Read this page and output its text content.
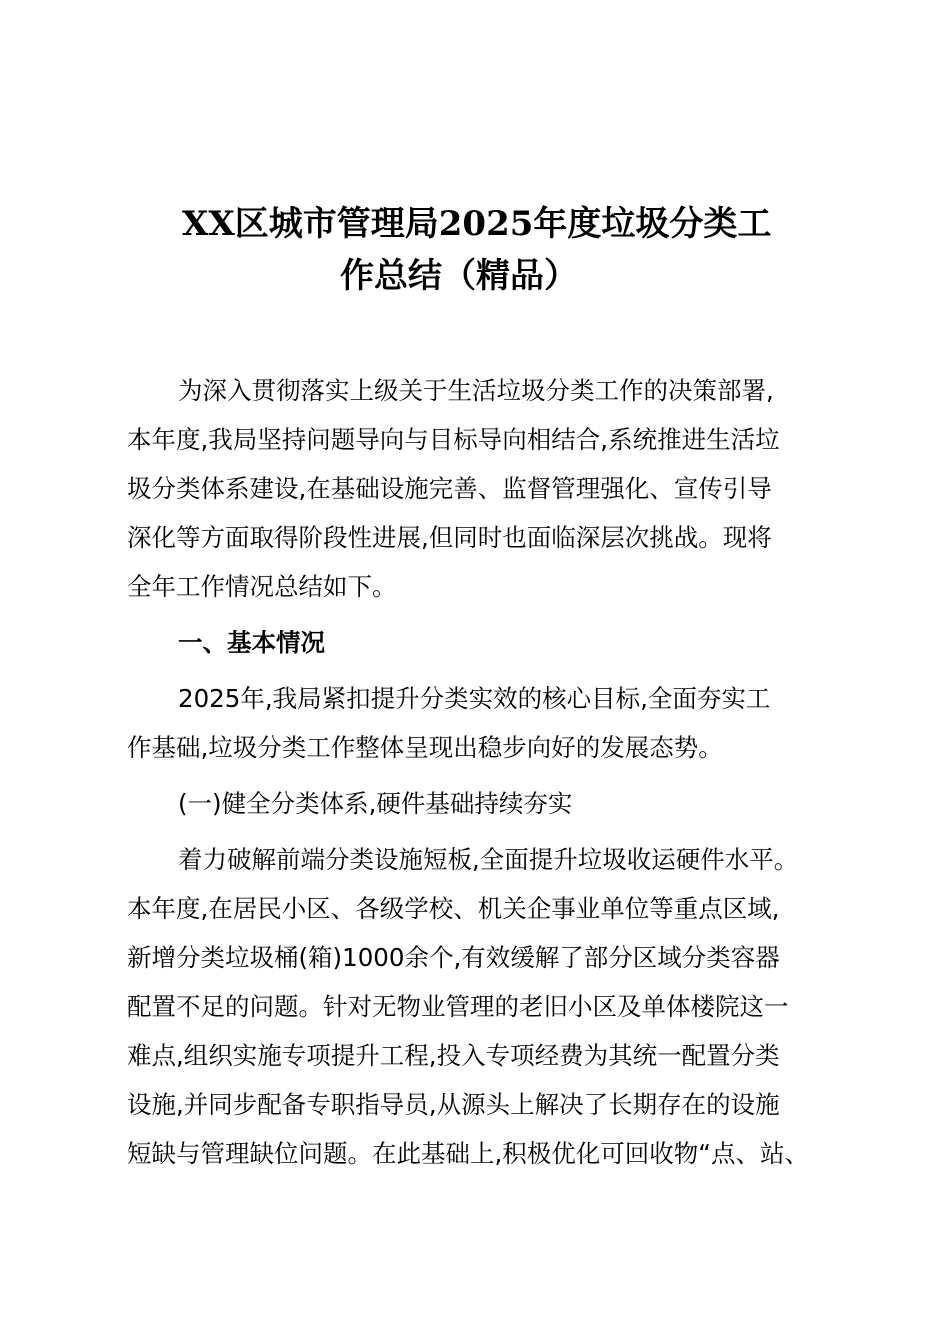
XX区城市管理局2025年度垃圾分类工
作总结（精品）
为深入贯彻落实上级关于生活垃圾分类工作的决策部署,
本年度,我局坚持问题导向与目标导向相结合,系统推进生活垃
圾分类体系建设,在基础设施完善、监督管理强化、宣传引导
深化等方面取得阶段性进展,但同时也面临深层次挑战。现将
全年工作情况总结如下。
一、基本情况
2025年,我局紧扣提升分类实效的核心目标,全面夯实工
作基础,垃圾分类工作整体呈现出稳步向好的发展态势。
(一)健全分类体系,硬件基础持续夯实
着力破解前端分类设施短板,全面提升垃圾收运硬件水平。
本年度,在居民小区、各级学校、机关企事业单位等重点区域,
新增分类垃圾桶(箱)1000余个,有效缓解了部分区域分类容器
配置不足的问题。针对无物业管理的老旧小区及单体楼院这一
难点,组织实施专项提升工程,投入专项经费为其统一配置分类
设施,并同步配备专职指导员,从源头上解决了长期存在的设施
短缺与管理缺位问题。在此基础上,积极优化可回收物“点、站、
